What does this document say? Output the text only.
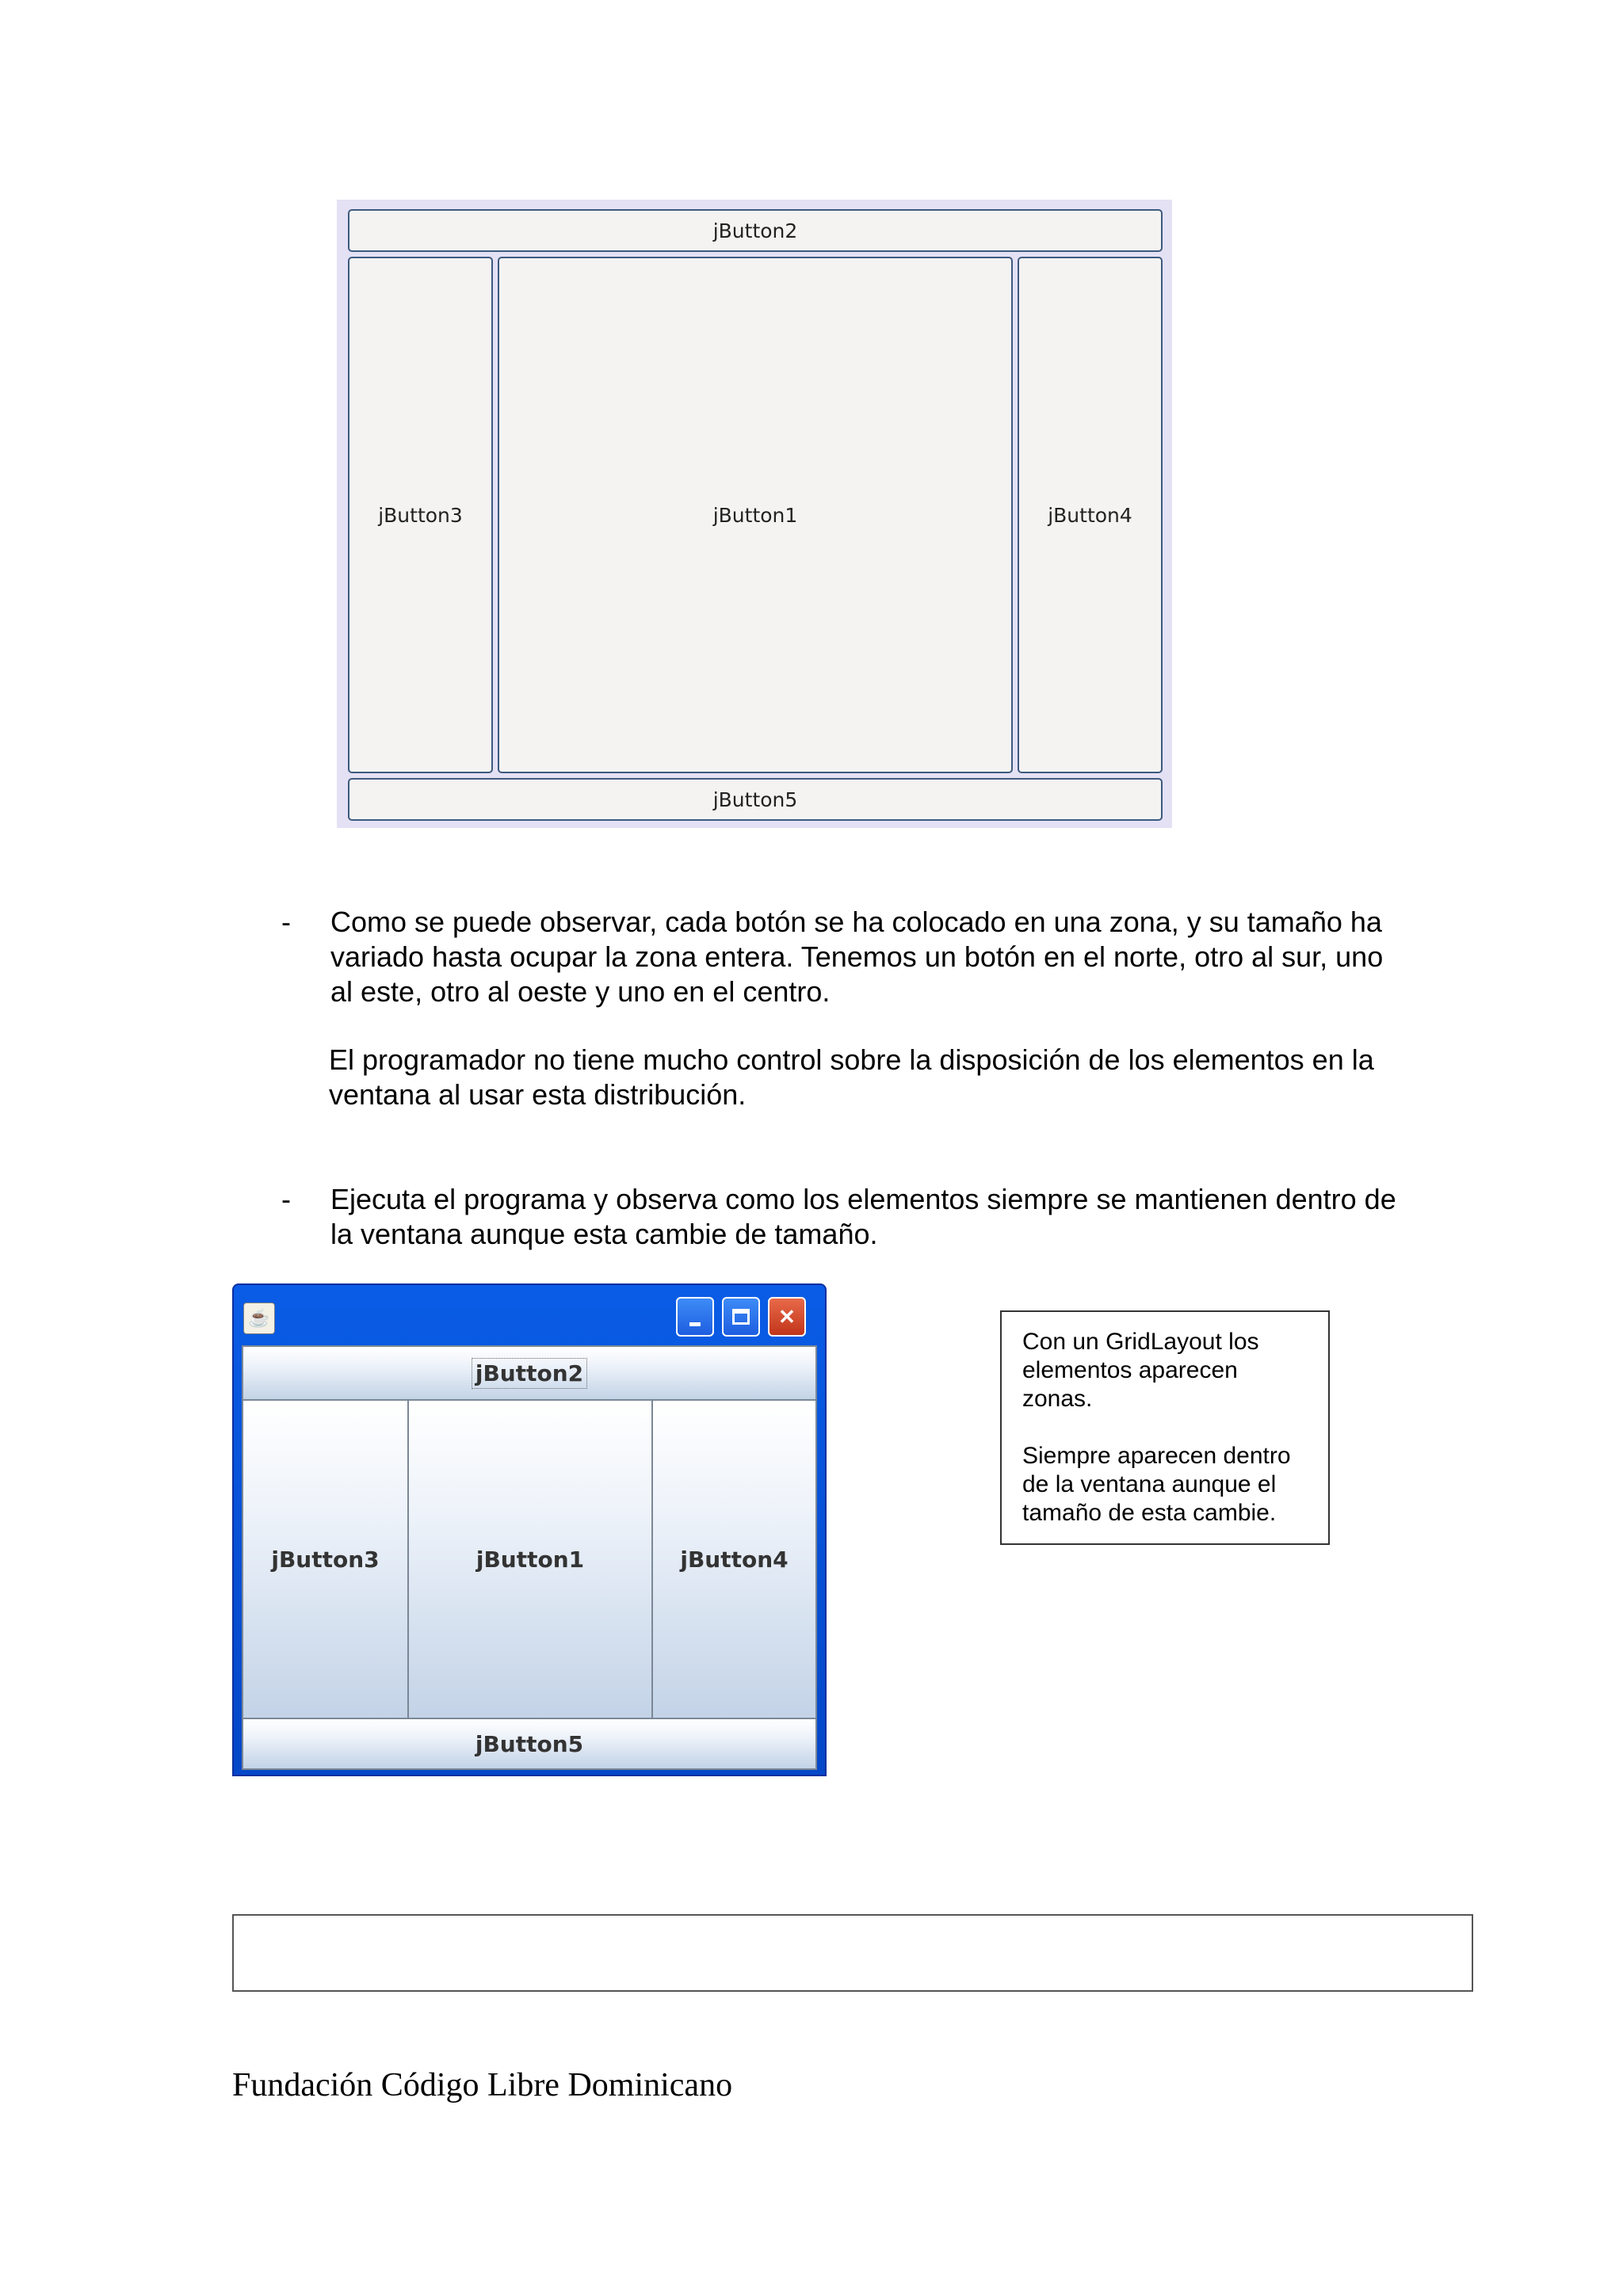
jButton2
jButton3	jButton1	jButton4
jButton5
- Como se puede observar, cada botón se ha colocado en una zona, y su tamaño ha
variado hasta ocupar la zona entera. Tenemos un botón en el norte, otro al sur, uno
al este, otro al oeste y uno en el centro.
El programador no tiene mucho control sobre la disposición de los elementos en la
ventana al usar esta distribución.
- Ejecuta el programa y observa como los elementos siempre se mantienen dentro de
la ventana aunque esta cambie de tamaño.
☕	✕
jButton2
jButton3	jButton1	jButton4
jButton5
Con un GridLayout los
elementos aparecen
zonas.
Siempre aparecen dentro
de la ventana aunque el
tamaño de esta cambie.
Fundación Código Libre Dominicano
